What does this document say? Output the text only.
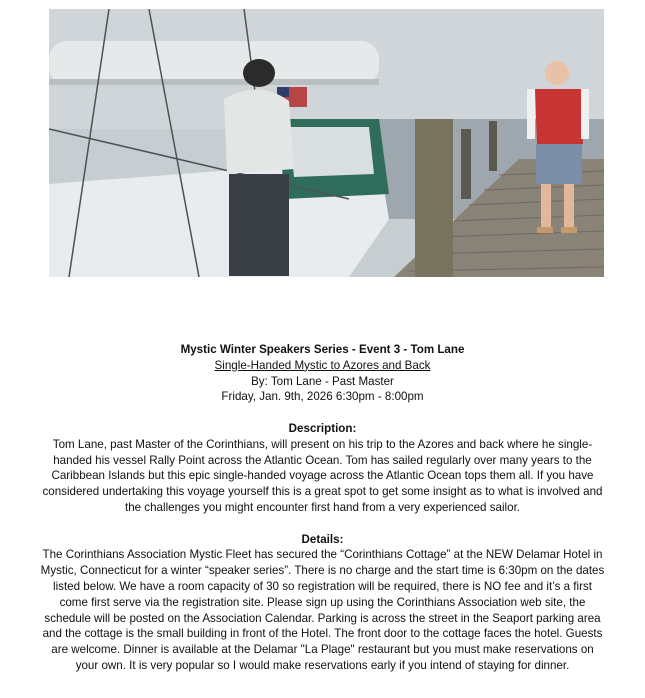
Mystic Winter Speakers Series - Event 3 - Tom Lane

Single-Handed Mystic to Azores and Back

By: Tom Lane - Past Master

Friday, Jan. 9th, 2026 6:30pm - 8:00pm

Description:

Tom Lane, past Master of the Corinthians, will present on his trip to the Azores and back where he single-handed his vessel Rally Point across the Atlantic Ocean. Tom has sailed regularly over many years to the Caribbean Islands but this epic single-handed voyage across the Atlantic Ocean tops them all. If you have considered undertaking this voyage yourself this is a great spot to get some insight as to what is involved and the challenges you might encounter first hand from a very experienced sailor.

Details:

The Corinthians Association Mystic Fleet has secured the “Corinthians Cottage” at the NEW Delamar Hotel in Mystic, Connecticut for a winter “speaker series”. There is no charge and the start time is 6:30pm on the dates listed below. We have a room capacity of 30 so registration will be required, there is NO fee and it’s a first come first serve via the registration site. Please sign up using the Corinthians Association web site, the schedule will be posted on the Association Calendar. Parking is across the street in the Seaport parking area and the cottage is the small building in front of the Hotel. The front door to the cottage faces the hotel. Guests are welcome. Dinner is available at the Delamar "La Plage" restaurant but you must make reservations on your own. It is very popular so I would make reservations early if you intend of staying for dinner.
